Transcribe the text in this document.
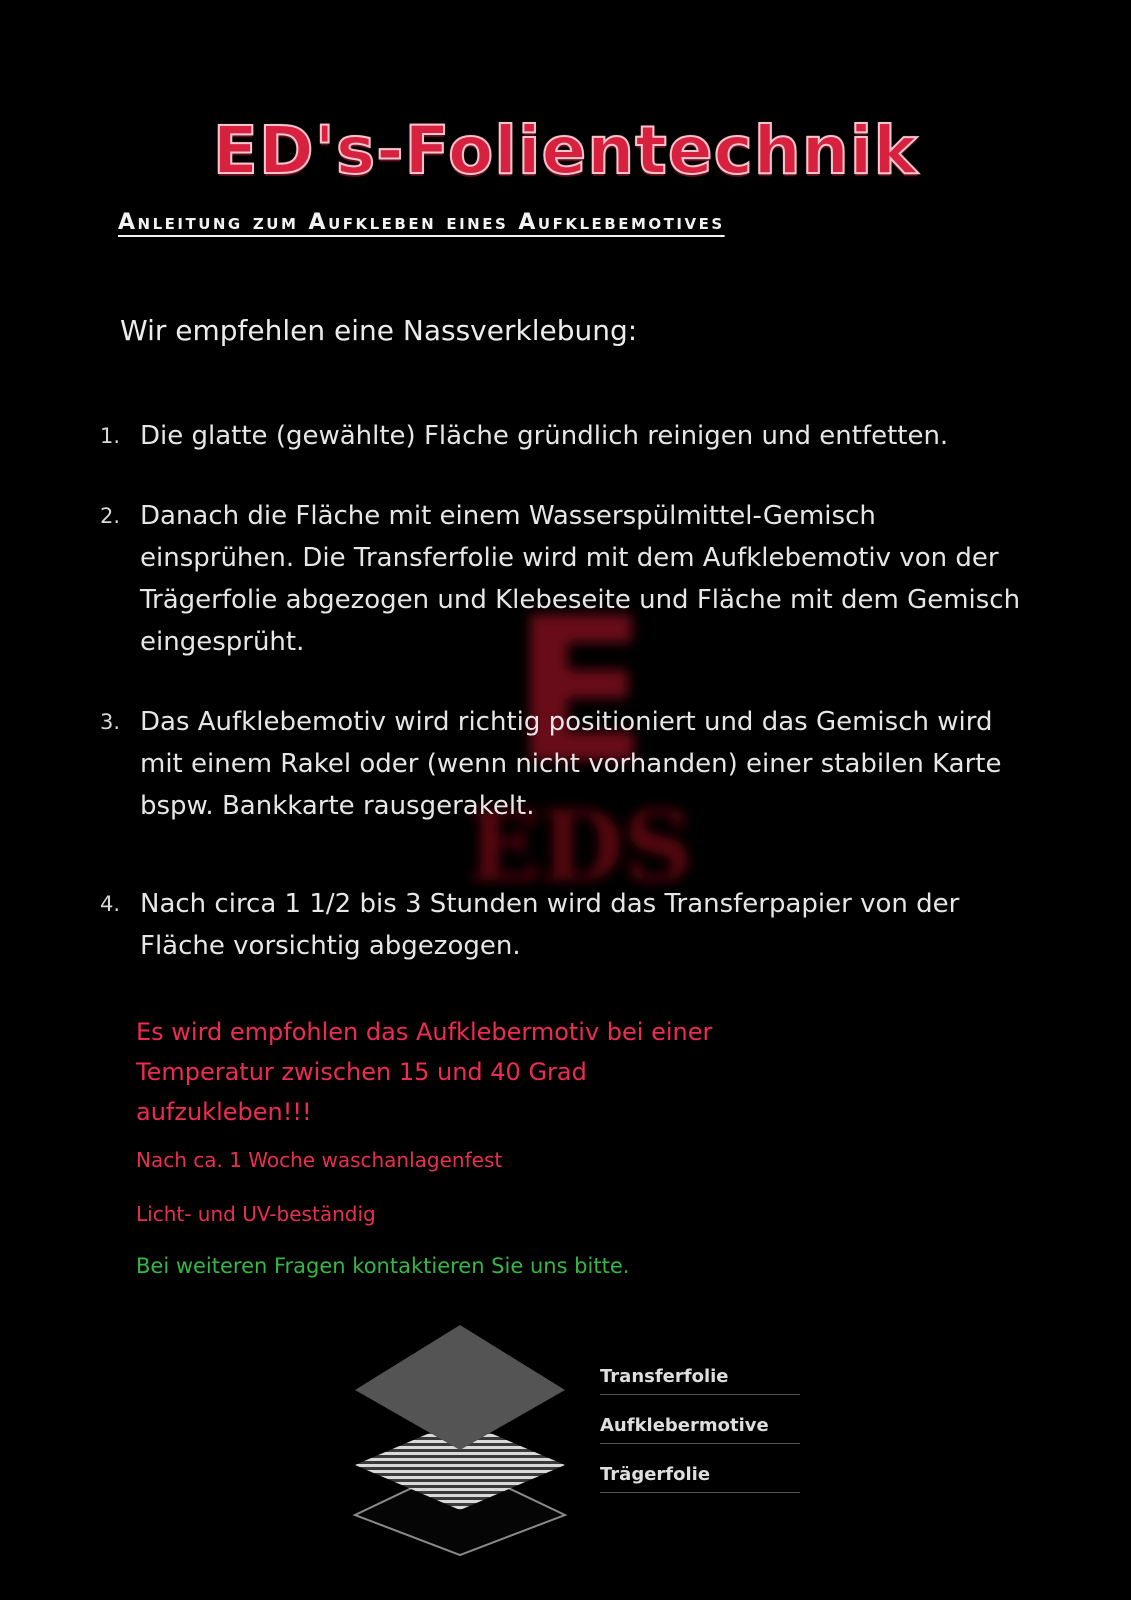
E
EDS
ED's-Folientechnik
Anleitung zum Aufkleben eines Aufklebemotives
Wir empfehlen eine Nassverklebung:
1. Die glatte (gewählte) Fläche gründlich reinigen und entfetten.
2. Danach die Fläche mit einem Wasserspülmittel-Gemisch einsprühen. Die Transferfolie wird mit dem Aufklebemotiv von der Trägerfolie abgezogen und Klebeseite und Fläche mit dem Gemisch eingesprüht.
3. Das Aufklebemotiv wird richtig positioniert und das Gemisch wird mit einem Rakel oder (wenn nicht vorhanden) einer stabilen Karte bspw. Bankkarte rausgerakelt.
4. Nach circa 1 1/2 bis 3 Stunden wird das Transferpapier von der Fläche vorsichtig abgezogen.
Es wird empfohlen das Aufklebermotiv bei einer Temperatur zwischen 15 und 40 Grad aufzukleben!!!
Nach ca. 1 Woche waschanlagenfest
Licht- und UV-beständig
Bei weiteren Fragen kontaktieren Sie uns bitte.
Transferfolie
Aufklebermotive
Trägerfolie
